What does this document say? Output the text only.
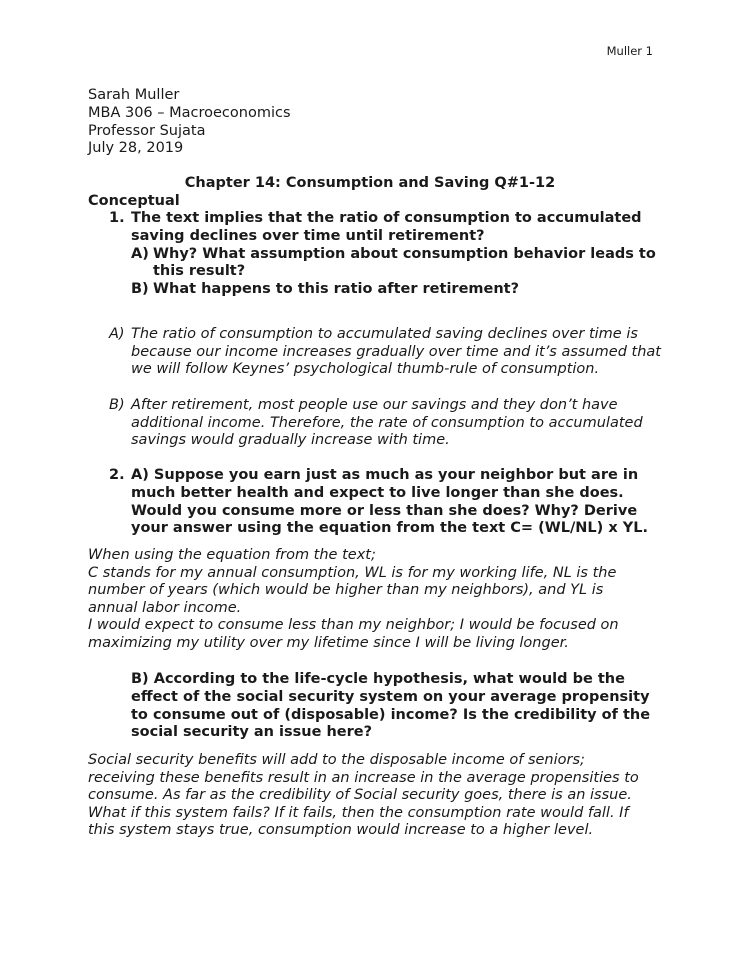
Muller 1
Sarah Muller
MBA 306 – Macroeconomics
Professor Sujata
July 28, 2019
Chapter 14: Consumption and Saving Q#1-12
Conceptual
1. The text implies that the ratio of consumption to accumulated saving declines over time until retirement?
A) Why? What assumption about consumption behavior leads to this result?
B) What happens to this ratio after retirement?
A) The ratio of consumption to accumulated saving declines over time is because our income increases gradually over time and it’s assumed that we will follow Keynes’ psychological thumb-rule of consumption.
B) After retirement, most people use our savings and they don’t have additional income. Therefore, the rate of consumption to accumulated savings would gradually increase with time.
2. A) Suppose you earn just as much as your neighbor but are in much better health and expect to live longer than she does. Would you consume more or less than she does? Why? Derive your answer using the equation from the text C= (WL/NL) x YL.
When using the equation from the text;
C stands for my annual consumption, WL is for my working life, NL is the number of years (which would be higher than my neighbors), and YL is annual labor income.
I would expect to consume less than my neighbor; I would be focused on maximizing my utility over my lifetime since I will be living longer.
B) According to the life-cycle hypothesis, what would be the effect of the social security system on your average propensity to consume out of (disposable) income? Is the credibility of the social security an issue here?
Social security benefits will add to the disposable income of seniors; receiving these benefits result in an increase in the average propensities to consume. As far as the credibility of Social security goes, there is an issue. What if this system fails? If it fails, then the consumption rate would fall. If this system stays true, consumption would increase to a higher level.
